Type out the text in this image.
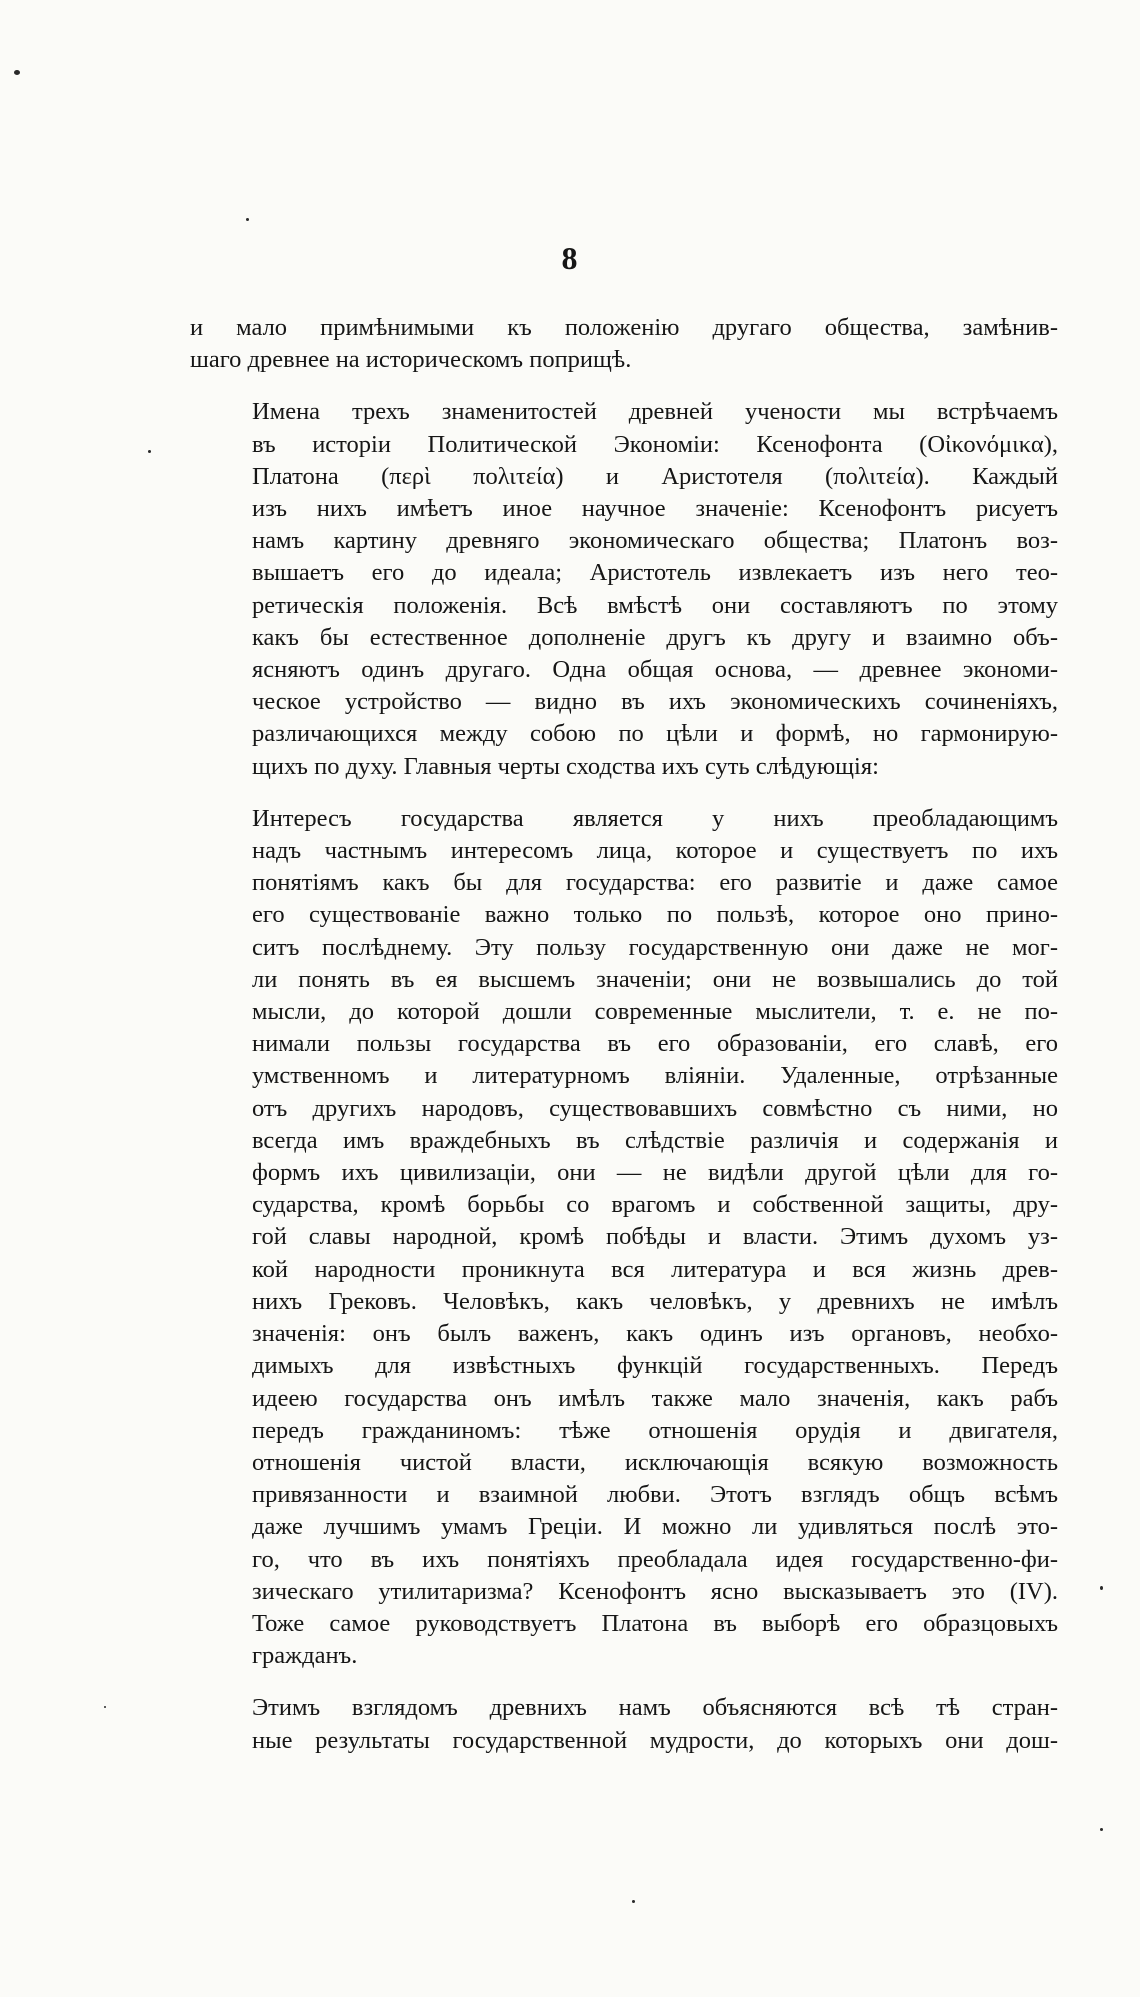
8

и мало примѣнимыми къ положенію другаго общества, замѣнив-
шаго древнее на историческомъ поприщѣ.

Имена трехъ знаменитостей древней учености мы встрѣчаемъ
въ исторіи Политической Экономіи: Ксенофонта (Οἰκονόμικα),
Платона (περὶ πολιτεία) и Аристотеля (πολιτεία). Каждый
изъ нихъ имѣетъ иное научное значеніе: Ксенофонтъ рисуетъ
намъ картину древняго экономическаго общества; Платонъ воз-
вышаетъ его до идеала; Аристотель извлекаетъ изъ него тео-
ретическія положенія. Всѣ вмѣстѣ они составляютъ по этому
какъ бы естественное дополненіе другъ къ другу и взаимно объ-
ясняютъ одинъ другаго. Одна общая основа, — древнее экономи-
ческое устройство — видно въ ихъ экономическихъ сочиненіяхъ,
различающихся между собою по цѣли и формѣ, но гармонирую-
щихъ по духу. Главныя черты сходства ихъ суть слѣдующія:

Интересъ государства является у нихъ преобладающимъ
надъ частнымъ интересомъ лица, которое и существуетъ по ихъ
понятіямъ какъ бы для государства: его развитіе и даже самое
его существованіе важно только по пользѣ, которое оно прино-
ситъ послѣднему. Эту пользу государственную они даже не мог-
ли понять въ ея высшемъ значеніи; они не возвышались до той
мысли, до которой дошли современные мыслители, т. е. не по-
нимали пользы государства въ его образованіи, его славѣ, его
умственномъ и литературномъ вліяніи. Удаленные, отрѣзанные
отъ другихъ народовъ, существовавшихъ совмѣстно съ ними, но
всегда имъ враждебныхъ въ слѣдствіе различія и содержанія и
формъ ихъ цивилизаціи, они — не видѣли другой цѣли для го-
сударства, кромѣ борьбы со врагомъ и собственной защиты, дру-
гой славы народной, кромѣ побѣды и власти. Этимъ духомъ уз-
кой народности проникнута вся литература и вся жизнь древ-
нихъ Грековъ. Человѣкъ, какъ человѣкъ, у древнихъ не имѣлъ
значенія: онъ былъ важенъ, какъ одинъ изъ органовъ, необхо-
димыхъ для извѣстныхъ функцій государственныхъ. Передъ
идеею государства онъ имѣлъ также мало значенія, какъ рабъ
передъ гражданиномъ: тѣже отношенія орудія и двигателя,
отношенія чистой власти, исключающія всякую возможность
привязанности и взаимной любви. Этотъ взглядъ общъ всѣмъ
даже лучшимъ умамъ Греціи. И можно ли удивляться послѣ это-
го, что въ ихъ понятіяхъ преобладала идея государственно-фи-
зическаго утилитаризма? Ксенофонтъ ясно высказываетъ это (IV).
Тоже самое руководствуетъ Платона въ выборѣ его образцовыхъ
гражданъ.

Этимъ взглядомъ древнихъ намъ объясняются всѣ тѣ стран-
ные результаты государственной мудрости, до которыхъ они дош-
